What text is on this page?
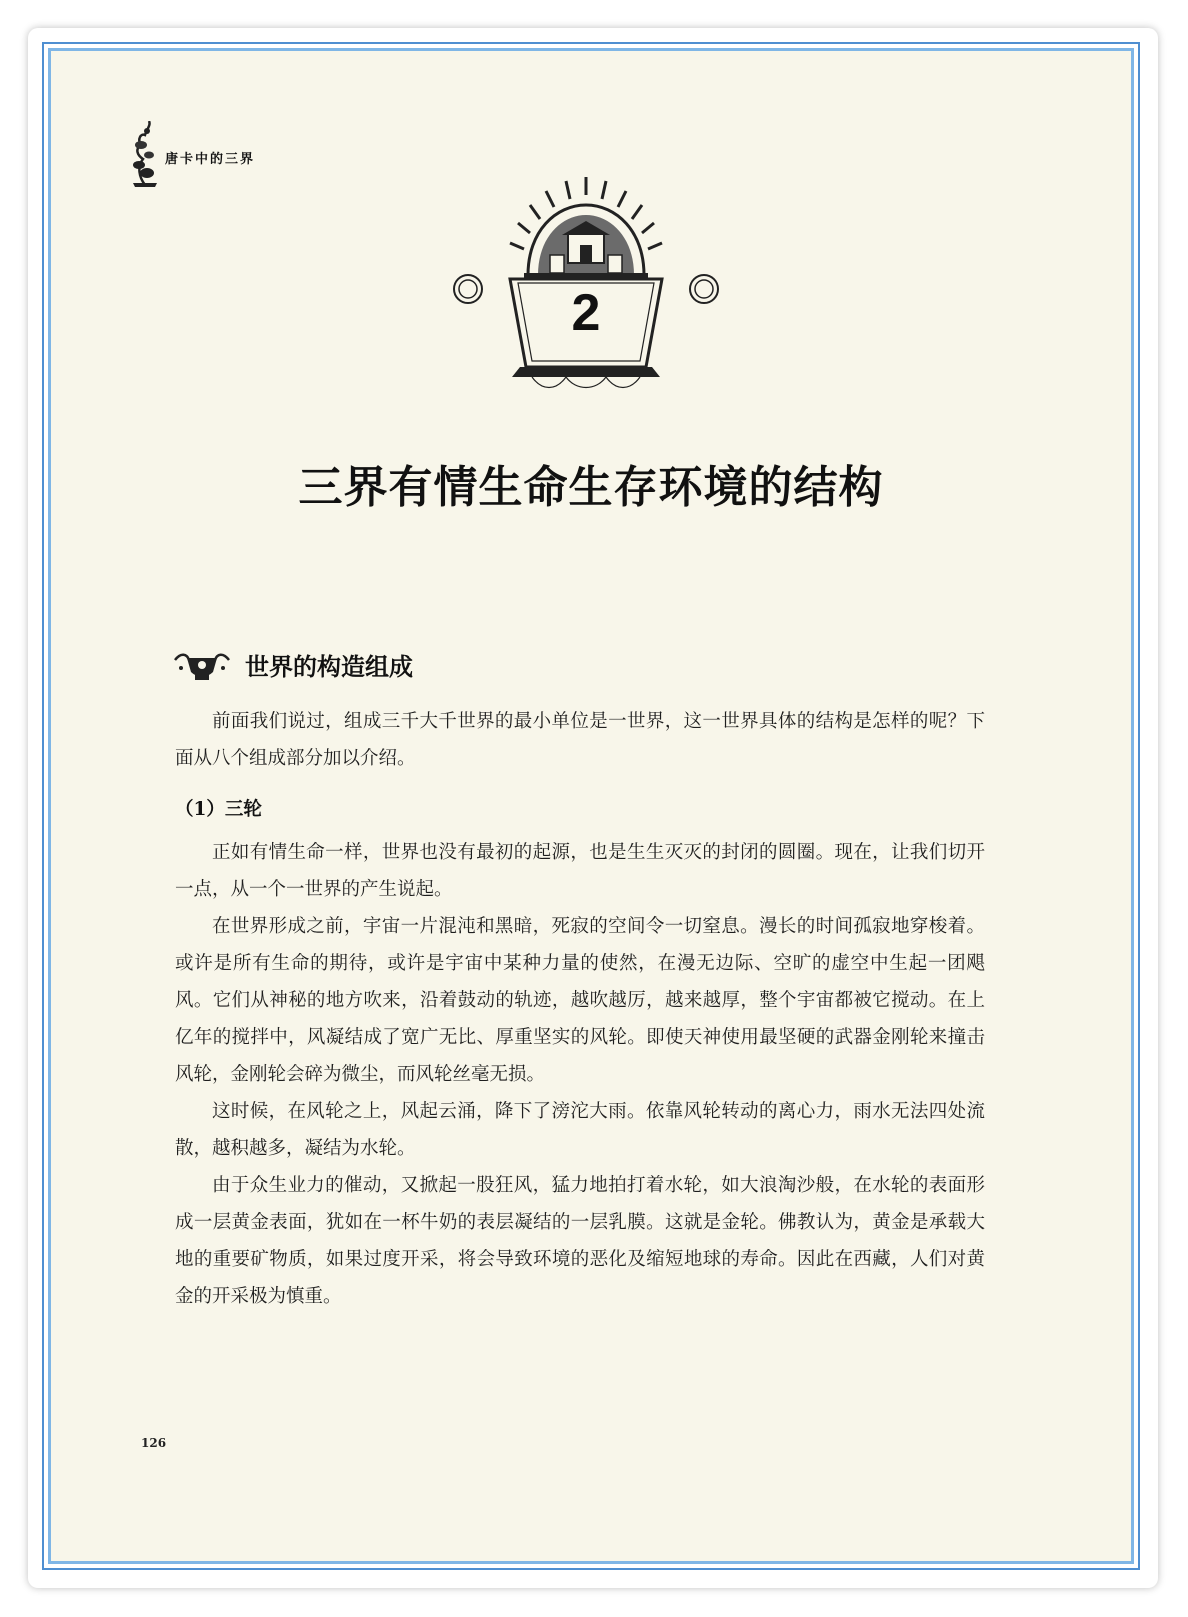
唐卡中的三界
2
三界有情生命生存环境的结构
世界的构造组成

前面我们说过，组成三千大千世界的最小单位是一世界，这一世界具体的结构是怎样的呢？下面从八个组成部分加以介绍。

（1）三轮

正如有情生命一样，世界也没有最初的起源，也是生生灭灭的封闭的圆圈。现在，让我们切开一点，从一个一世界的产生说起。

在世界形成之前，宇宙一片混沌和黑暗，死寂的空间令一切窒息。漫长的时间孤寂地穿梭着。或许是所有生命的期待，或许是宇宙中某种力量的使然，在漫无边际、空旷的虚空中生起一团飓风。它们从神秘的地方吹来，沿着鼓动的轨迹，越吹越厉，越来越厚，整个宇宙都被它搅动。在上亿年的搅拌中，风凝结成了宽广无比、厚重坚实的风轮。即使天神使用最坚硬的武器金刚轮来撞击风轮，金刚轮会碎为微尘，而风轮丝毫无损。

这时候，在风轮之上，风起云涌，降下了滂沱大雨。依靠风轮转动的离心力，雨水无法四处流散，越积越多，凝结为水轮。

由于众生业力的催动，又掀起一股狂风，猛力地拍打着水轮，如大浪淘沙般，在水轮的表面形成一层黄金表面，犹如在一杯牛奶的表层凝结的一层乳膜。这就是金轮。佛教认为，黄金是承载大地的重要矿物质，如果过度开采，将会导致环境的恶化及缩短地球的寿命。因此在西藏，人们对黄金的开采极为慎重。

126
